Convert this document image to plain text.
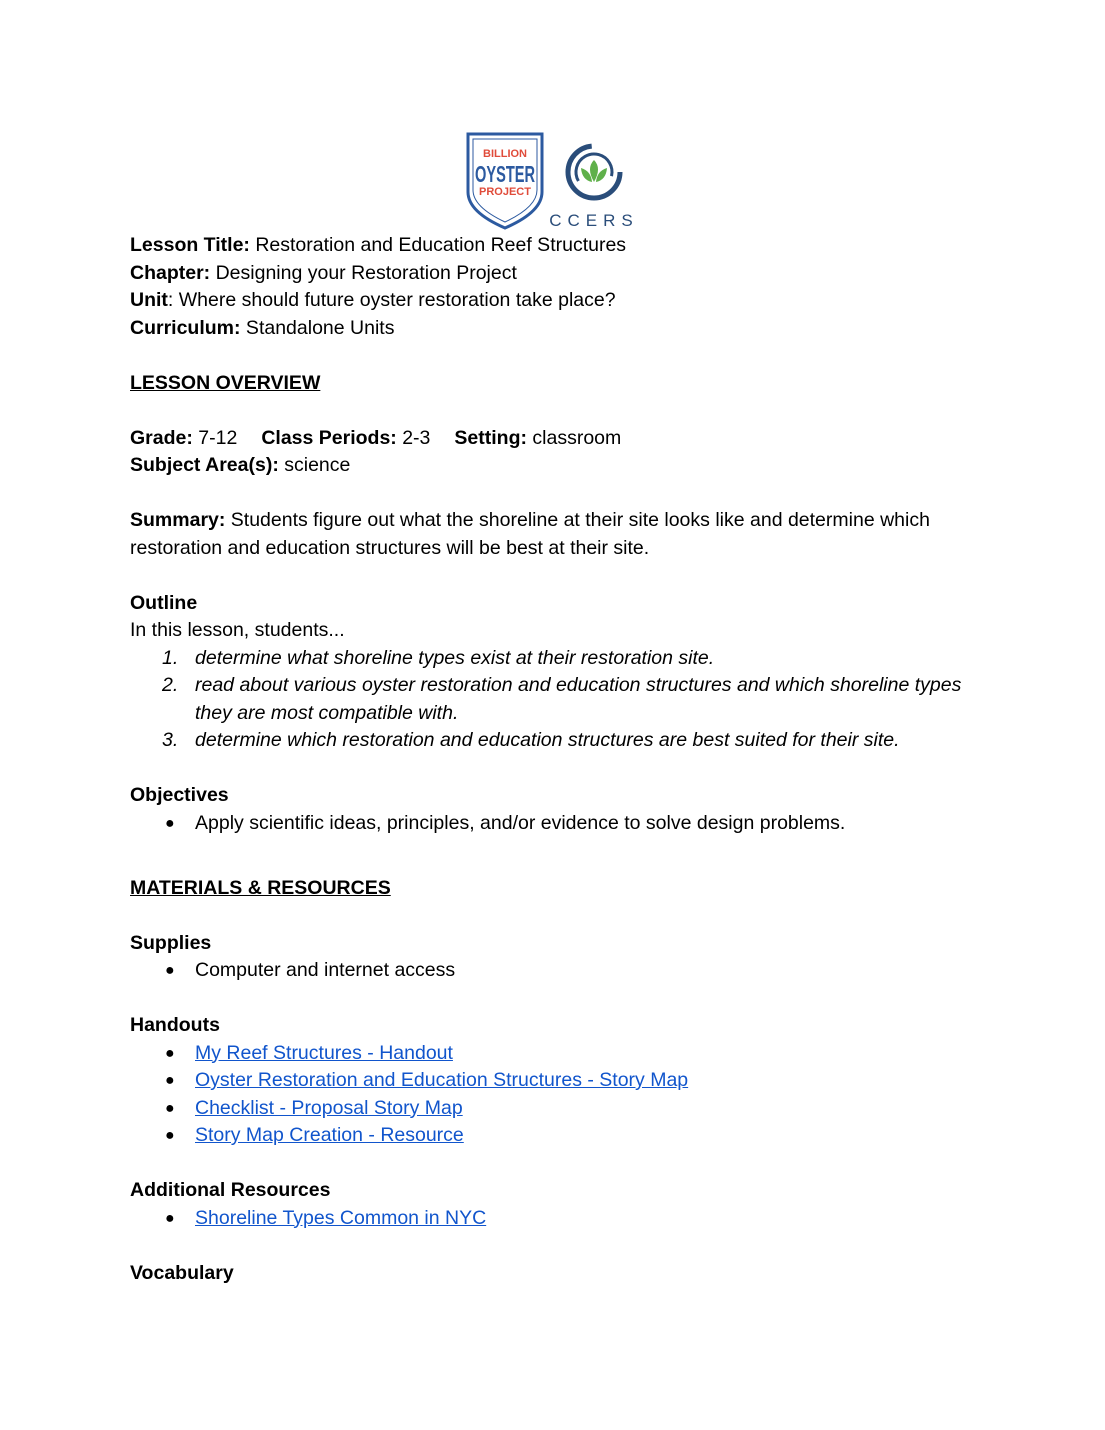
BILLION
OYSTER
PROJECT
CCERS

Lesson Title: Restoration and Education Reef Structures

Chapter: Designing your Restoration Project

Unit: Where should future oyster restoration take place?

Curriculum: Standalone Units

LESSON OVERVIEW

Grade: 7-12 Class Periods: 2-3 Setting: classroom

Subject Area(s): science

Summary: Students figure out what the shoreline at their site looks like and determine which restoration and education structures will be best at their site.

Outline

In this lesson, students...

1. determine what shoreline types exist at their restoration site.
2. read about various oyster restoration and education structures and which shoreline types they are most compatible with.
3. determine which restoration and education structures are best suited for their site.

Objectives

● Apply scientific ideas, principles, and/or evidence to solve design problems.

MATERIALS & RESOURCES

Supplies

● Computer and internet access

Handouts

● My Reef Structures - Handout
● Oyster Restoration and Education Structures - Story Map
● Checklist - Proposal Story Map
● Story Map Creation - Resource

Additional Resources

● Shoreline Types Common in NYC

Vocabulary
